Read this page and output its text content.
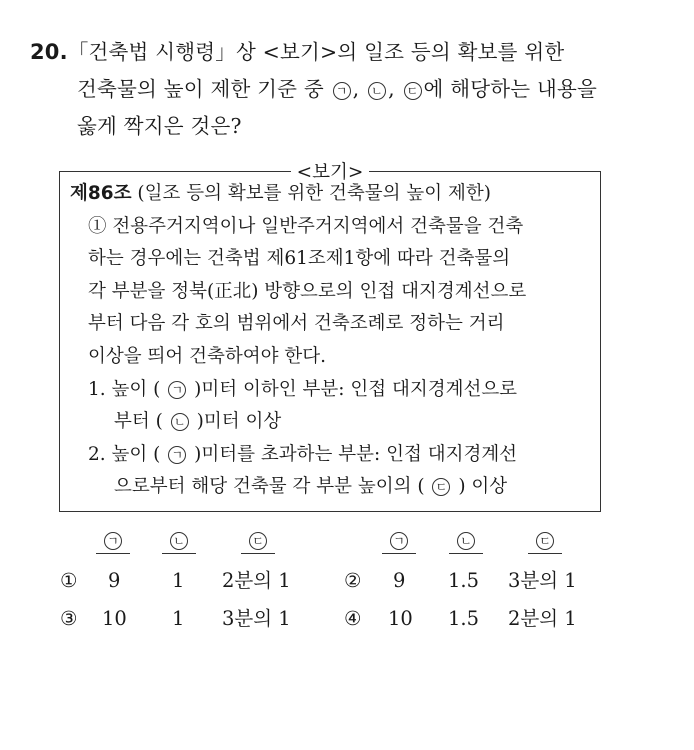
20.「건축법 시행령」상 <보기>의 일조 등의 확보를 위한
건축물의 높이 제한 기준 중 ㄱ , ㄴ , ㄷ 에 해당하는 내용을
옳게 짝지은 것은?
<보기>
제86조 (일조 등의 확보를 위한 건축물의 높이 제한)
① 전용주거지역이나 일반주거지역에서 건축물을 건축
하는 경우에는 건축법 제61조제1항에 따라 건축물의
각 부분을 정북(正北) 방향으로의 인접 대지경계선으로
부터 다음 각 호의 범위에서 건축조례로 정하는 거리
이상을 띄어 건축하여야 한다.
1. 높이 ( ㄱ )미터 이하인 부분: 인접 대지경계선으로
부터 ( ㄴ )미터 이상
2. 높이 ( ㄱ )미터를 초과하는 부분: 인접 대지경계선
으로부터 해당 건축물 각 부분 높이의 ( ㄷ ) 이상
ㄱ	ㄴ	ㄷ	ㄱ	ㄴ	ㄷ
① 9	1 2분의 1	② 9 1.5 3분의 1
③ 10 1 3분의 1	④ 10 1.5 2분의 1
